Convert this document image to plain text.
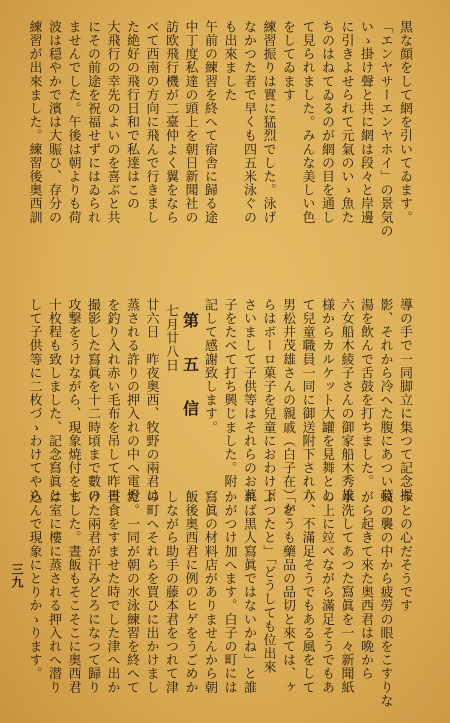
黒な顔をして網を引いてゐます。

「エンヤサーエンヤホイ」の景気の

いゝ掛け聲と共に網は段々と岸邊

に引きよせられて元氣のいゝ魚た

ちのはねてゐるのが網の目を通し

て見られました。みんな美しい色

をしてゐます

練習振りは實に猛烈でした。泳げ

なかつた者で早くも四五米泳ぐの

も出來ました

午前の練習を終へて宿舎に歸る途

中丁度私達の頭上を朝日新聞社の

訪欧飛行機が二臺仲よく翼をなら

べて西南の方向に飛んで行きまし

た絶好の飛行日和で私達はこの

大飛行の幸先のよいのを喜ぶと共

にその前途を祝福せずにはゐられ

ませんでした。午後は朝よりも荷

波は穏やかで濱は大賑ひ、存分の

練習が出來ました。練習後奥西訓

導の手で一同脚立に集つて記念撮

影、それから冷へた腹にあつい葛

湯を飲んで舌鼓を打ちました。

六女船木綾子さんの御家船木秀雄

様からカルケット大罐を見舞とし

て兒童職員一同に御送附下され六

男松井茂雄さんの親戚（白子在）か

らはボーロ菓子を兒童におわけ下

さいまして子供等はそれらのお菓

子をたべて打ち興じました。附

記して感謝致します。

第　五　信

七月廿八日

廿六日　昨夜奥西、牧野の兩君は

蒸される許りの押入れの中へ電燈

を釣り入れ赤い毛布を吊して昨日

撮影した寫眞を十二時頃まで數の

攻撃をうけながら、現象焼付を七

十枚程も致しました、記念寫眞と

して子供等に二枚づゝわけてやら

うとの心だそうです

蚊の襲の中から疲勞の眼をこすりな

がら起きて來た奥西君は晩から

水洗してあつた寫眞を一々新聞紙

の上に竝べながら滿足そうでもあ

り、不滿足そうでもある風をして

「どうも藥品の品切と來ては、ヶ

ぶつたと」「どうしても位出來

れば黒人寫眞ではないかね」と誰

かがつけ加へます。白子の町には

寫眞の材料店がありませんから朝

飯後奥西君に例のヒゲをうごめか

しながら助手の藤本君をつれて津

の町へそれらを買ひに出かけまし

た。一同が朝の水泳練習を終へて

晝食をすませた時でした津へ出か

けた兩君が汗みどろになつて歸り

ました。晝飯もそこそこに奥西君

は室に樓に蒸される押入れへ潜り

込んで現象にとりかゝります。

三九
